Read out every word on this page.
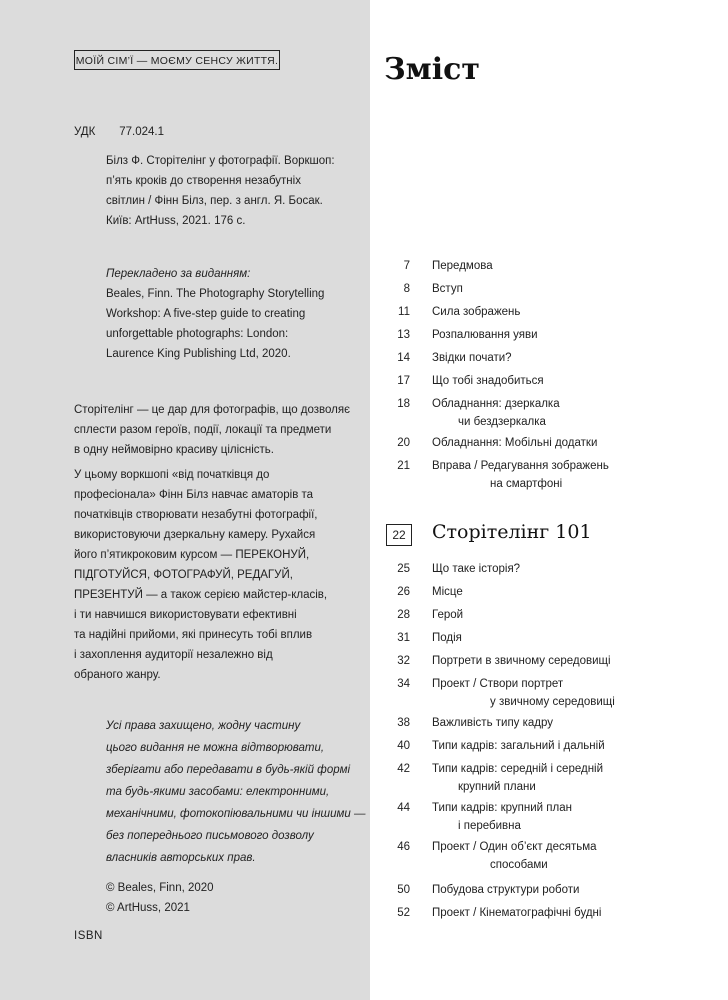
МОЇЙ СІМ’Ї — МОЄМУ СЕНСУ ЖИТТЯ.
УДК 77.024.1
Білз Ф. Сторітелінг у фотографії. Воркшоп:
п’ять кроків до створення незабутніх
світлин / Фінн Білз, пер. з англ. Я. Босак.
Київ: ArtHuss, 2021. 176 с.
Перекладено за виданням:
Beales, Finn. The Photography Storytelling
Workshop: A five-step guide to creating
unforgettable photographs: London:
Laurence King Publishing Ltd, 2020.
Сторітелінг — це дар для фотографів, що дозволяє
сплести разом героїв, події, локації та предмети
в одну неймовірно красиву цілісність.
У цьому воркшопі «від початківця до
професіонала» Фінн Білз навчає аматорів та
початківців створювати незабутні фотографії,
використовуючи дзеркальну камеру. Рухайся
його п’ятикроковим курсом — ПЕРЕКОНУЙ,
ПІДГОТУЙСЯ, ФОТОГРАФУЙ, РЕДАГУЙ,
ПРЕЗЕНТУЙ — а також серією майстер-класів,
і ти навчишся використовувати ефективні
та надійні прийоми, які принесуть тобі вплив
і захоплення аудиторії незалежно від
обраного жанру.
Усі права захищено, жодну частину
цього видання не можна відтворювати,
зберігати або передавати в будь-якій формі
та будь-якими засобами: електронними,
механічними, фотокопіювальними чи іншими —
без попереднього письмового дозволу
власників авторських прав.
© Beales, Finn, 2020
© ArtHuss, 2021
ISBN
Зміст
22	Сторітелінг 101
7 Передмова
8 Вступ
11 Сила зображень
13 Розпалювання уяви
14 Звідки почати?
17 Що тобі знадобиться
18 Обладнання: дзеркалка
чи бездзеркалка
20 Обладнання: Мобільні додатки
21 Вправа / Редагування зображень
на смартфоні
25 Що таке історія?
26 Місце
28 Герой
31 Подія
32 Портрети в звичному середовищі
34 Проект / Створи портрет
у звичному середовищі
38 Важливість типу кадру
40 Типи кадрів: загальний і дальній
42 Типи кадрів: середній і середній
крупний плани
44 Типи кадрів: крупний план
і перебивна
46 Проект / Один об’єкт десятьма
способами
50 Побудова структури роботи
52 Проект / Кінематографічні будні
